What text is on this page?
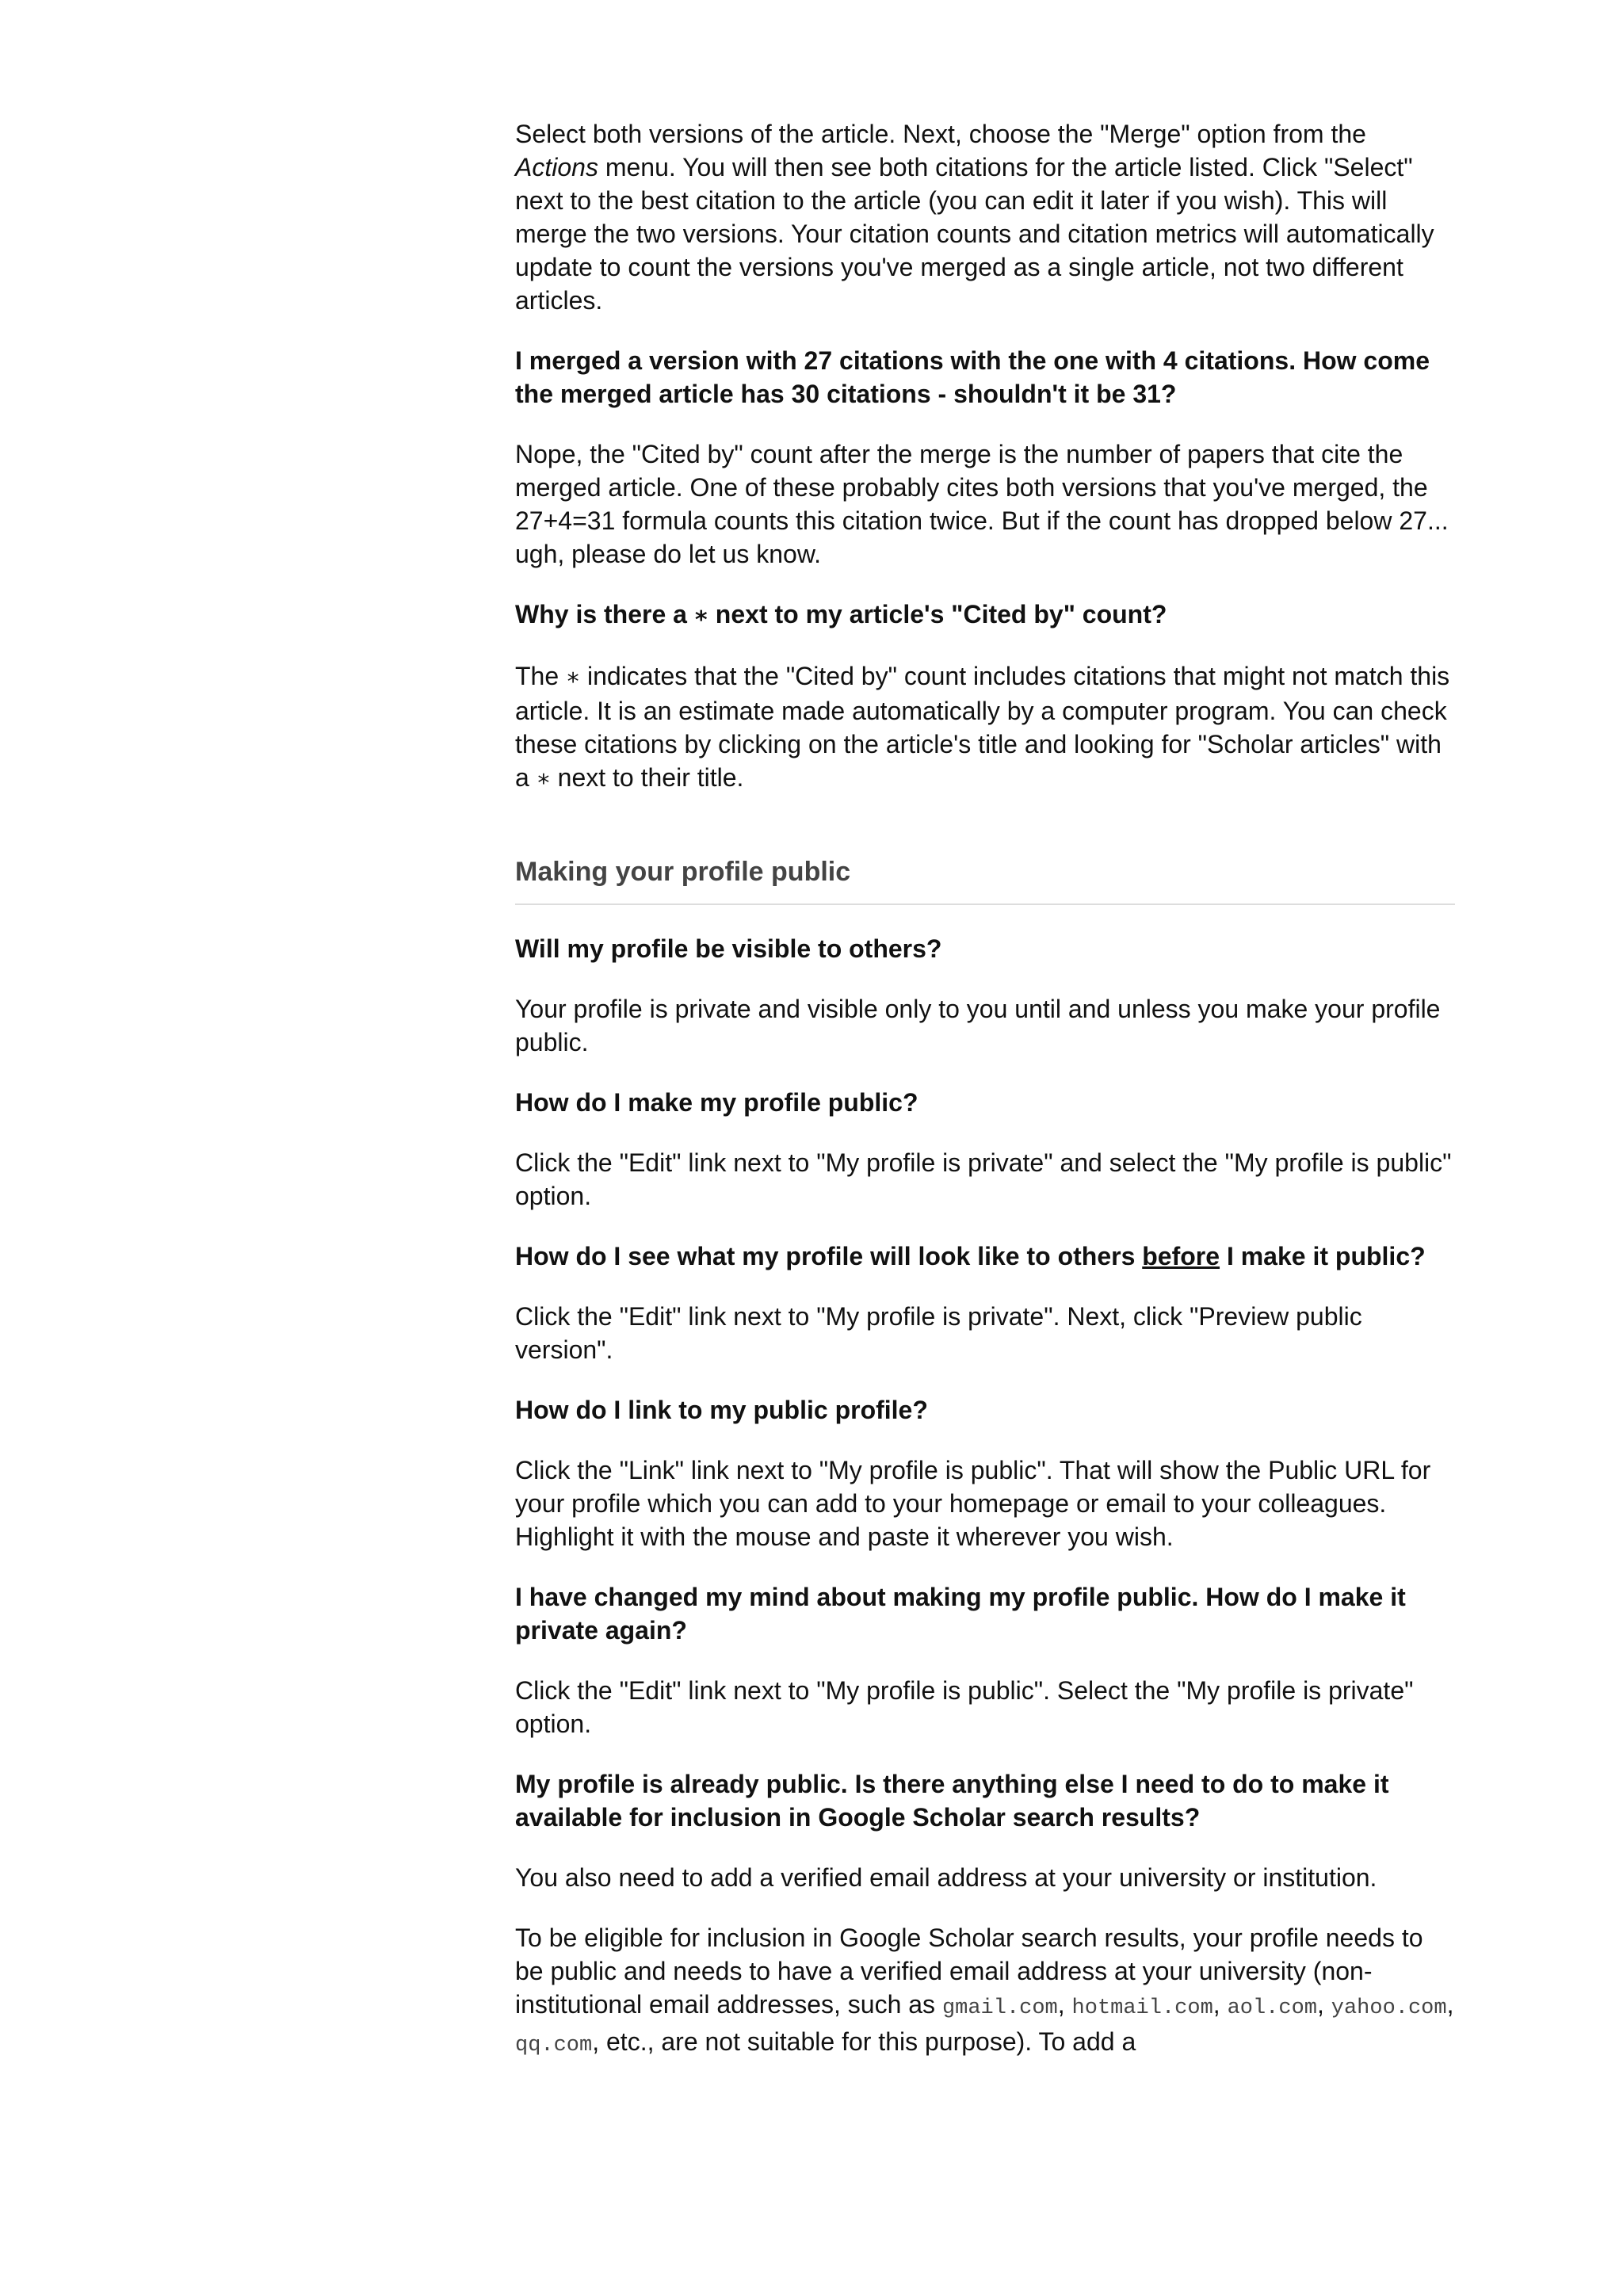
Select both versions of the article. Next, choose the "Merge" option from the Actions menu. You will then see both citations for the article listed. Click "Select" next to the best citation to the article (you can edit it later if you wish). This will merge the two versions. Your citation counts and citation metrics will automatically update to count the versions you've merged as a single article, not two different articles.

I merged a version with 27 citations with the one with 4 citations. How come the merged article has 30 citations - shouldn't it be 31?

Nope, the "Cited by" count after the merge is the number of papers that cite the merged article. One of these probably cites both versions that you've merged, the 27+4=31 formula counts this citation twice. But if the count has dropped below 27... ugh, please do let us know.

Why is there a ∗ next to my article's "Cited by" count?

The ∗ indicates that the "Cited by" count includes citations that might not match this article. It is an estimate made automatically by a computer program. You can check these citations by clicking on the article's title and looking for "Scholar articles" with a ∗ next to their title.

Making your profile public

Will my profile be visible to others?

Your profile is private and visible only to you until and unless you make your profile public.

How do I make my profile public?

Click the "Edit" link next to "My profile is private" and select the "My profile is public" option.

How do I see what my profile will look like to others before I make it public?

Click the "Edit" link next to "My profile is private". Next, click "Preview public version".

How do I link to my public profile?

Click the "Link" link next to "My profile is public". That will show the Public URL for your profile which you can add to your homepage or email to your colleagues. Highlight it with the mouse and paste it wherever you wish.

I have changed my mind about making my profile public. How do I make it private again?

Click the "Edit" link next to "My profile is public". Select the "My profile is private" option.

My profile is already public. Is there anything else I need to do to make it available for inclusion in Google Scholar search results?

You also need to add a verified email address at your university or institution.

To be eligible for inclusion in Google Scholar search results, your profile needs to be public and needs to have a verified email address at your university (non-institutional email addresses, such as gmail.com, hotmail.com, aol.com, yahoo.com, qq.com, etc., are not suitable for this purpose). To add a
